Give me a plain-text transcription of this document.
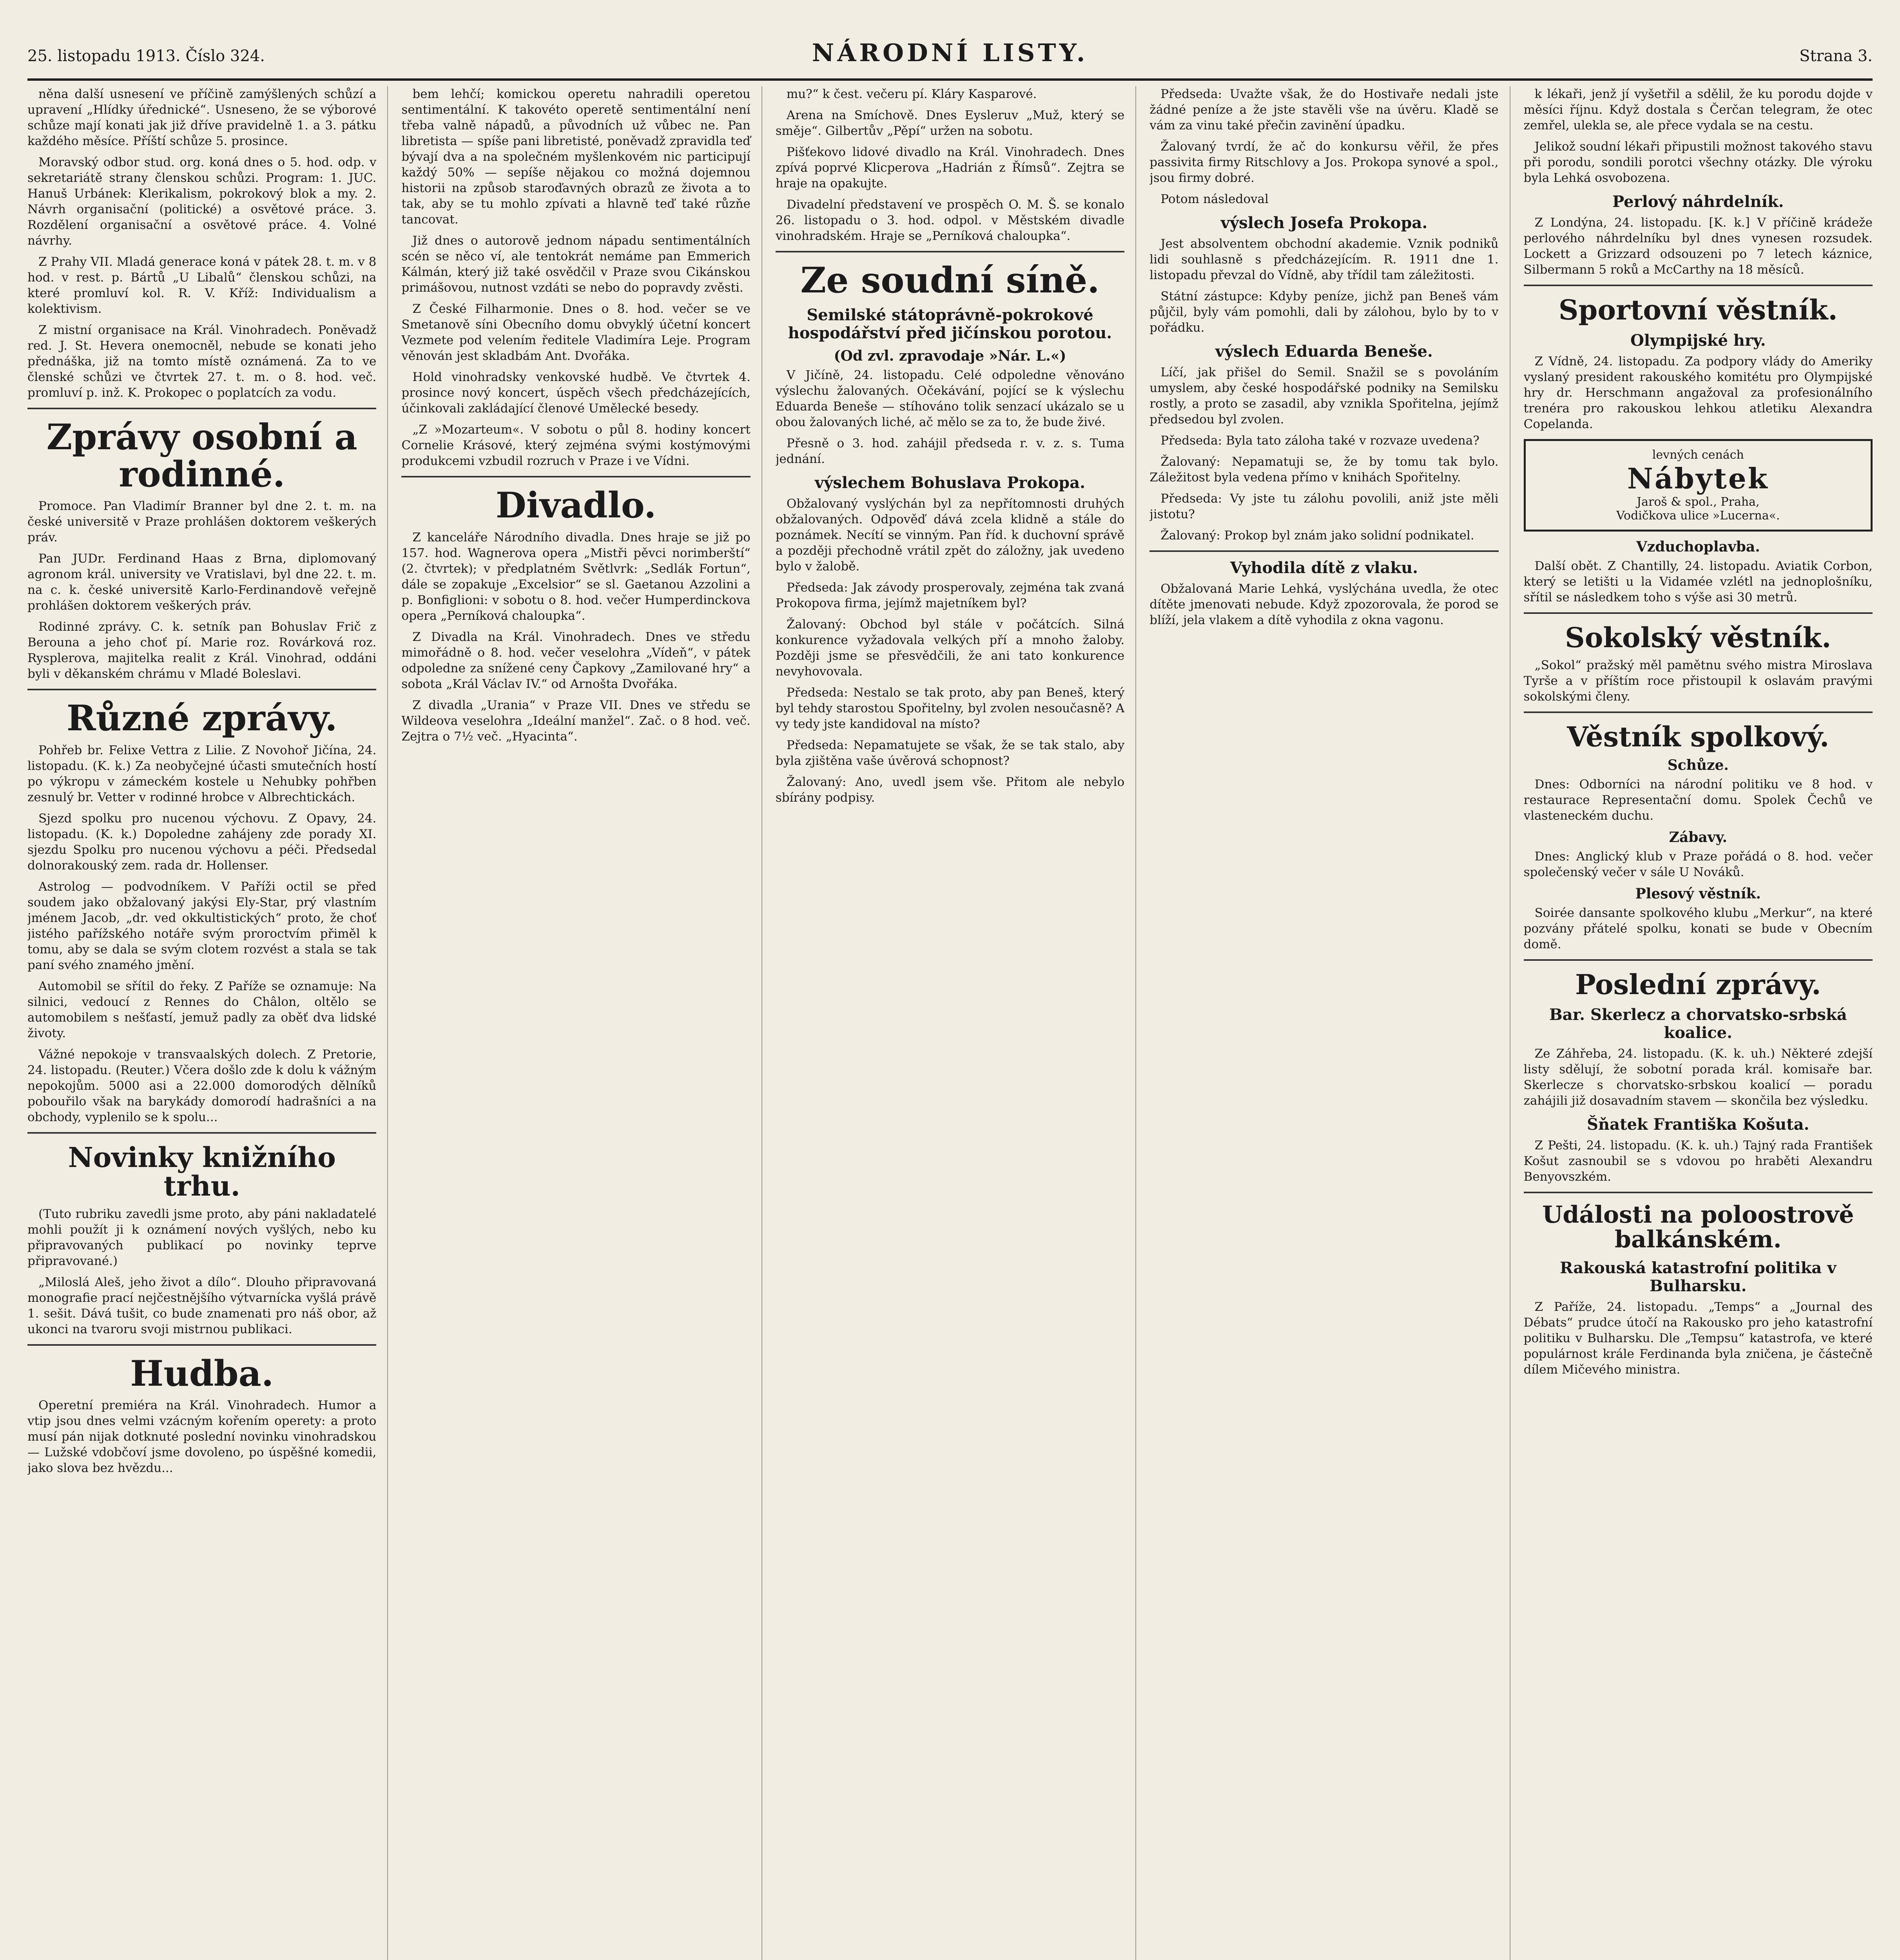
25. listopadu 1913. Číslo 324.	NÁRODNÍ LISTY.	Strana 3.

něna další usnesení ve příčině zamýšlených schůzí a upravení „Hlídky úřednické“. Usneseno, že se výborové schůze mají konati jak již dříve pravidelně 1. a 3. pátku každého měsíce. Příští schůze 5. prosince.

Moravský odbor stud. org. koná dnes o 5. hod. odp. v sekretariátě strany členskou schůzi. Program: 1. JUC. Hanuš Urbánek: Klerikalism, pokrokový blok a my. 2. Návrh organisační (politické) a osvětové práce. 3. Rozdělení organisační a osvětové práce. 4. Volné návrhy.

Z Prahy VII. Mladá generace koná v pátek 28. t. m. v 8 hod. v rest. p. Bártů „U Libalů“ členskou schůzi, na které promluví kol. R. V. Kříž: Individualism a kolektivism.

Z mistní organisace na Král. Vinohradech. Poněvadž red. J. St. Hevera onemocněl, nebude se konati jeho přednáška, již na tomto místě oznámená. Za to ve členské schůzi ve čtvrtek 27. t. m. o 8. hod. več. promluví p. inž. K. Prokopec o poplatcích za vodu.

Zprávy osobní a rodinné.

Promoce. Pan Vladimír Branner byl dne 2. t. m. na české universitě v Praze prohlášen doktorem veškerých práv.

Pan JUDr. Ferdinand Haas z Brna, diplomovaný agronom král. university ve Vratislavi, byl dne 22. t. m. na c. k. české universitě Karlo-Ferdinandově veřejně prohlášen doktorem veškerých práv.

Rodinné zprávy. C. k. setník pan Bohuslav Frič z Berouna a jeho choť pí. Marie roz. Rovárková roz. Rysplerova, majitelka realit z Král. Vinohrad, oddáni byli v děkanském chrámu v Mladé Boleslavi.

Různé zprávy.

Pohřeb br. Felixe Vettra z Lilie. Z Novohoř Jičína, 24. listopadu. (K. k.) Za neobyčejné účasti smutečních hostí po výkropu v zámeckém kostele u Nehubky pohřben zesnulý br. Vetter v rodinné hrobce v Albrechtickách.

Sjezd spolku pro nucenou výchovu. Z Opavy, 24. listopadu. (K. k.) Dopoledne zahájeny zde porady XI. sjezdu Spolku pro nucenou výchovu a péči. Předsedal dolnorakouský zem. rada dr. Hollenser.

Astrolog — podvodníkem. V Paříži octil se před soudem jako obžalovaný jakýsi Ely-Star, prý vlastním jménem Jacob, „dr. ved okkultistických“ proto, že choť jistého pařížského notáře svým proroctvím přiměl k tomu, aby se dala se svým clotem rozvést a stala se tak paní svého znamého jmění.

Automobil se sřítil do řeky. Z Paříže se oznamuje: Na silnici, vedoucí z Rennes do Châlon, oltělo se automobilem s nešťastí, jemuž padly za oběť dva lidské životy.

Vážné nepokoje v transvaalských dolech. Z Pretorie, 24. listopadu. (Reuter.) Včera došlo zde k dolu k vážným nepokojům. 5000 asi a 22.000 domorodých dělníků pobouřilo však na barykády domorodí hadrašníci a na obchody, vyplenilo se k spolu...

Novinky knižního trhu.

(Tuto rubriku zavedli jsme proto, aby páni nakladatelé mohli použít ji k oznámení nových vyšlých, nebo ku připravovaných publikací po novinky teprve připravované.)

„Miloslá Aleš, jeho život a dílo“. Dlouho připravovaná monografie prací nejčestnějšího výtvarnícka vyšlá právě 1. sešit. Dává tušit, co bude znamenati pro náš obor, až ukonci na tvaroru svoji mistrnou publikaci.

Hudba.

Operetní premiéra na Král. Vinohradech. Humor a vtip jsou dnes velmi vzácným kořením operety: a proto musí pán nijak dotknuté poslední novinku vinohradskou — Lužské vdobčoví jsme dovoleno, po úspěšné komedii, jako slova bez hvězdu...

bem lehčí; komickou operetu nahradili operetou sentimentální. K takovéto operetě sentimentální není třeba valně nápadů, a původních už vůbec ne. Pan libretista — spíše pani libretisté, poněvadž zpravidla teď bývají dva a na společném myšlenkovém nic participují každý 50% — sepíše nějakou co možná dojemnou historii na způsob staroďavných obrazů ze života a to tak, aby se tu mohlo zpívati a hlavně teď také růzňe tancovat.

Již dnes o autorově jednom nápadu sentimentálních scén se něco ví, ale tentokrát nemáme pan Emmerich Kálmán, který již také osvědčil v Praze svou Cikánskou primášovou, nutnost vzdáti se nebo do popravdy zvěsti.

Z České Filharmonie. Dnes o 8. hod. večer se ve Smetanově síni Obecního domu obvyklý účetní koncert Vezmete pod velením ředitele Vladimíra Leje. Program věnován jest skladbám Ant. Dvořáka.

Hold vinohradsky venkovské hudbě. Ve čtvrtek 4. prosince nový koncert, úspěch všech předcházejících, účinkovali zakládající členové Umělecké besedy.

„Z »Mozarteum«. V sobotu o půl 8. hodiny koncert Cornelie Krásové, který zejména svými kostýmovými produkcemi vzbudil rozruch v Praze i ve Vídni.

Divadlo.

Z kanceláře Národního divadla. Dnes hraje se již po 157. hod. Wagnerova opera „Mistři pěvci norimberští“ (2. čtvrtek); v předplatném Světlvrk: „Sedlák Fortun“, dále se zopakuje „Excelsior“ se sl. Gaetanou Azzolini a p. Bonfiglioni: v sobotu o 8. hod. večer Humperdinckova opera „Perníková chaloupka“.

Z Divadla na Král. Vinohradech. Dnes ve středu mimořádně o 8. hod. večer veselohra „Vídeň“, v pátek odpoledne za snížené ceny Čapkovy „Zamilované hry“ a sobota „Král Václav IV.“ od Arnošta Dvořáka.

Z divadla „Urania“ v Praze VII. Dnes ve středu se Wildeova veselohra „Ideální manžel“. Zač. o 8 hod. več. Zejtra o 7½ več. „Hyacinta“.

mu?“ k čest. večeru pí. Kláry Kasparové.

Arena na Smíchově. Dnes Eysleruv „Muž, který se směje“. Gilbertův „Pěpí“ uržen na sobotu.

Pišťekovo lidové divadlo na Král. Vinohradech. Dnes zpívá poprvé Klicperova „Hadrián z Římsů“. Zejtra se hraje na opakujte.

Divadelní představení ve prospěch O. M. Š. se konalo 26. listopadu o 3. hod. odpol. v Městském divadle vinohradském. Hraje se „Perníková chaloupka“.

Ze soudní síně.
Semilské státoprávně-pokrokové hospodářství před jičínskou porotou.
(Od zvl. zpravodaje »Nár. L.«)

V Jičíně, 24. listopadu. Celé odpoledne věnováno výslechu žalovaných. Očekávání, pojící se k výslechu Eduarda Beneše — stíhováno tolik senzací ukázalo se u obou žalovaných liché, ač mělo se za to, že bude živé.

Přesně o 3. hod. zahájil předseda r. v. z. s. Tuma jednání.

výslechem Bohuslava Prokopa.

Obžalovaný vyslýchán byl za nepřítomnosti druhých obžalovaných. Odpověď dává zcela klidně a stále do poznámek. Necítí se vinným. Pan říd. k duchovní správě a později přechodně vrátil zpět do záložny, jak uvedeno bylo v žalobě.

Předseda: Jak závody prosperovaly, zejména tak zvaná Prokopova firma, jejímž majetníkem byl?

Žalovaný: Obchod byl stále v počátcích. Silná konkurence vyžadovala velkých pří a mnoho žaloby. Později jsme se přesvědčili, že ani tato konkurence nevyhovovala.

Předseda: Nestalo se tak proto, aby pan Beneš, který byl tehdy starostou Spořitelny, byl zvolen nesoučasně? A vy tedy jste kandidoval na místo?

Předseda: Nepamatujete se však, že se tak stalo, aby byla zjištěna vaše úvěrová schopnost?

Žalovaný: Ano, uvedl jsem vše. Přitom ale nebylo sbírány podpisy.

Předseda: Uvažte však, že do Hostivaře nedali jste žádné peníze a že jste stavěli vše na úvěru. Kladě se vám za vinu také přečin zavinění úpadku.

Žalovaný tvrdí, že ač do konkursu věřil, že přes passivita firmy Ritschlovy a Jos. Prokopa synové a spol., jsou firmy dobré.

Potom následoval

výslech Josefa Prokopa.

Jest absolventem obchodní akademie. Vznik podniků lidi souhlasně s předcházejícím. R. 1911 dne 1. listopadu převzal do Vídně, aby třídil tam záležitosti.

Státní zástupce: Kdyby peníze, jichž pan Beneš vám půjčil, byly vám pomohli, dali by zálohou, bylo by to v pořádku.

výslech Eduarda Beneše.

Líčí, jak přišel do Semil. Snažil se s povoláním umyslem, aby české hospodářské podniky na Semilsku rostly, a proto se zasadil, aby vznikla Spořitelna, jejímž předsedou byl zvolen.

Předseda: Byla tato záloha také v rozvaze uvedena?

Žalovaný: Nepamatuji se, že by tomu tak bylo. Záležitost byla vedena přímo v knihách Spořitelny.

Předseda: Vy jste tu zálohu povolili, aniž jste měli jistotu?

Žalovaný: Prokop byl znám jako solidní podnikatel.

Vyhodila dítě z vlaku.

Obžalovaná Marie Lehká, vyslýchána uvedla, že otec dítěte jmenovati nebude. Když zpozorovala, že porod se blíží, jela vlakem a dítě vyhodila z okna vagonu.

k lékaři, jenž jí vyšetřil a sdělil, že ku porodu dojde v měsíci říjnu. Když dostala s Čerčan telegram, že otec zemřel, ulekla se, ale přece vydala se na cestu.

Jelikož soudní lékaři připustili možnost takového stavu při porodu, sondili porotci všechny otázky. Dle výroku byla Lehká osvobozena.

Perlový náhrdelník.

Z Londýna, 24. listopadu. [K. k.] V příčině krádeže perlového náhrdelníku byl dnes vynesen rozsudek. Lockett a Grizzard odsouzeni po 7 letech káznice, Silbermann 5 roků a McCarthy na 18 měsíců.

Sportovní věstník.
Olympijské hry.

Z Vídně, 24. listopadu. Za podpory vlády do Ameriky vyslaný president rakouského komitétu pro Olympijské hry dr. Herschmann angažoval za profesionálního trenéra pro rakouskou lehkou atletiku Alexandra Copelanda.

levných cenách
Nábytek
Jaroš & spol., Praha,
Vodičkova ulice »Lucerna«.
Vzduchoplavba.

Další obět. Z Chantilly, 24. listopadu. Aviatik Corbon, který se letišti u la Vidamée vzlétl na jednoplošníku, sřítil se následkem toho s výše asi 30 metrů.

Sokolský věstník.

„Sokol“ pražský měl pamětnu svého mistra Miroslava Tyrše a v příštím roce přistoupil k oslavám pravými sokolskými členy.

Věstník spolkový.
Schůze.

Dnes: Odborníci na národní politiku ve 8 hod. v restaurace Representační domu. Spolek Čechů ve vlasteneckém duchu.

Zábavy.

Dnes: Anglický klub v Praze pořádá o 8. hod. večer společenský večer v sále U Nováků.

Plesový věstník.

Soirée dansante spolkového klubu „Merkur“, na které pozvány přátelé spolku, konati se bude v Obecním domě.

Poslední zprávy.
Bar. Skerlecz a chorvatsko-srbská koalice.

Ze Záhřeba, 24. listopadu. (K. k. uh.) Některé zdejší listy sdělují, že sobotní porada král. komisaře bar. Skerlecze s chorvatsko-srbskou koalicí — poradu zahájili již dosavadním stavem — skončila bez výsledku.

Šňatek Františka Košuta.

Z Pešti, 24. listopadu. (K. k. uh.) Tajný rada František Košut zasnoubil se s vdovou po hraběti Alexandru Benyovszkém.

Události na poloostrově balkánském.
Rakouská katastrofní politika v Bulharsku.

Z Paříže, 24. listopadu. „Temps“ a „Journal des Débats“ prudce útočí na Rakousko pro jeho katastrofní politiku v Bulharsku. Dle „Tempsu“ katastrofa, ve které populárnost krále Ferdinanda byla zničena, je částečně dílem Mičevého ministra.
